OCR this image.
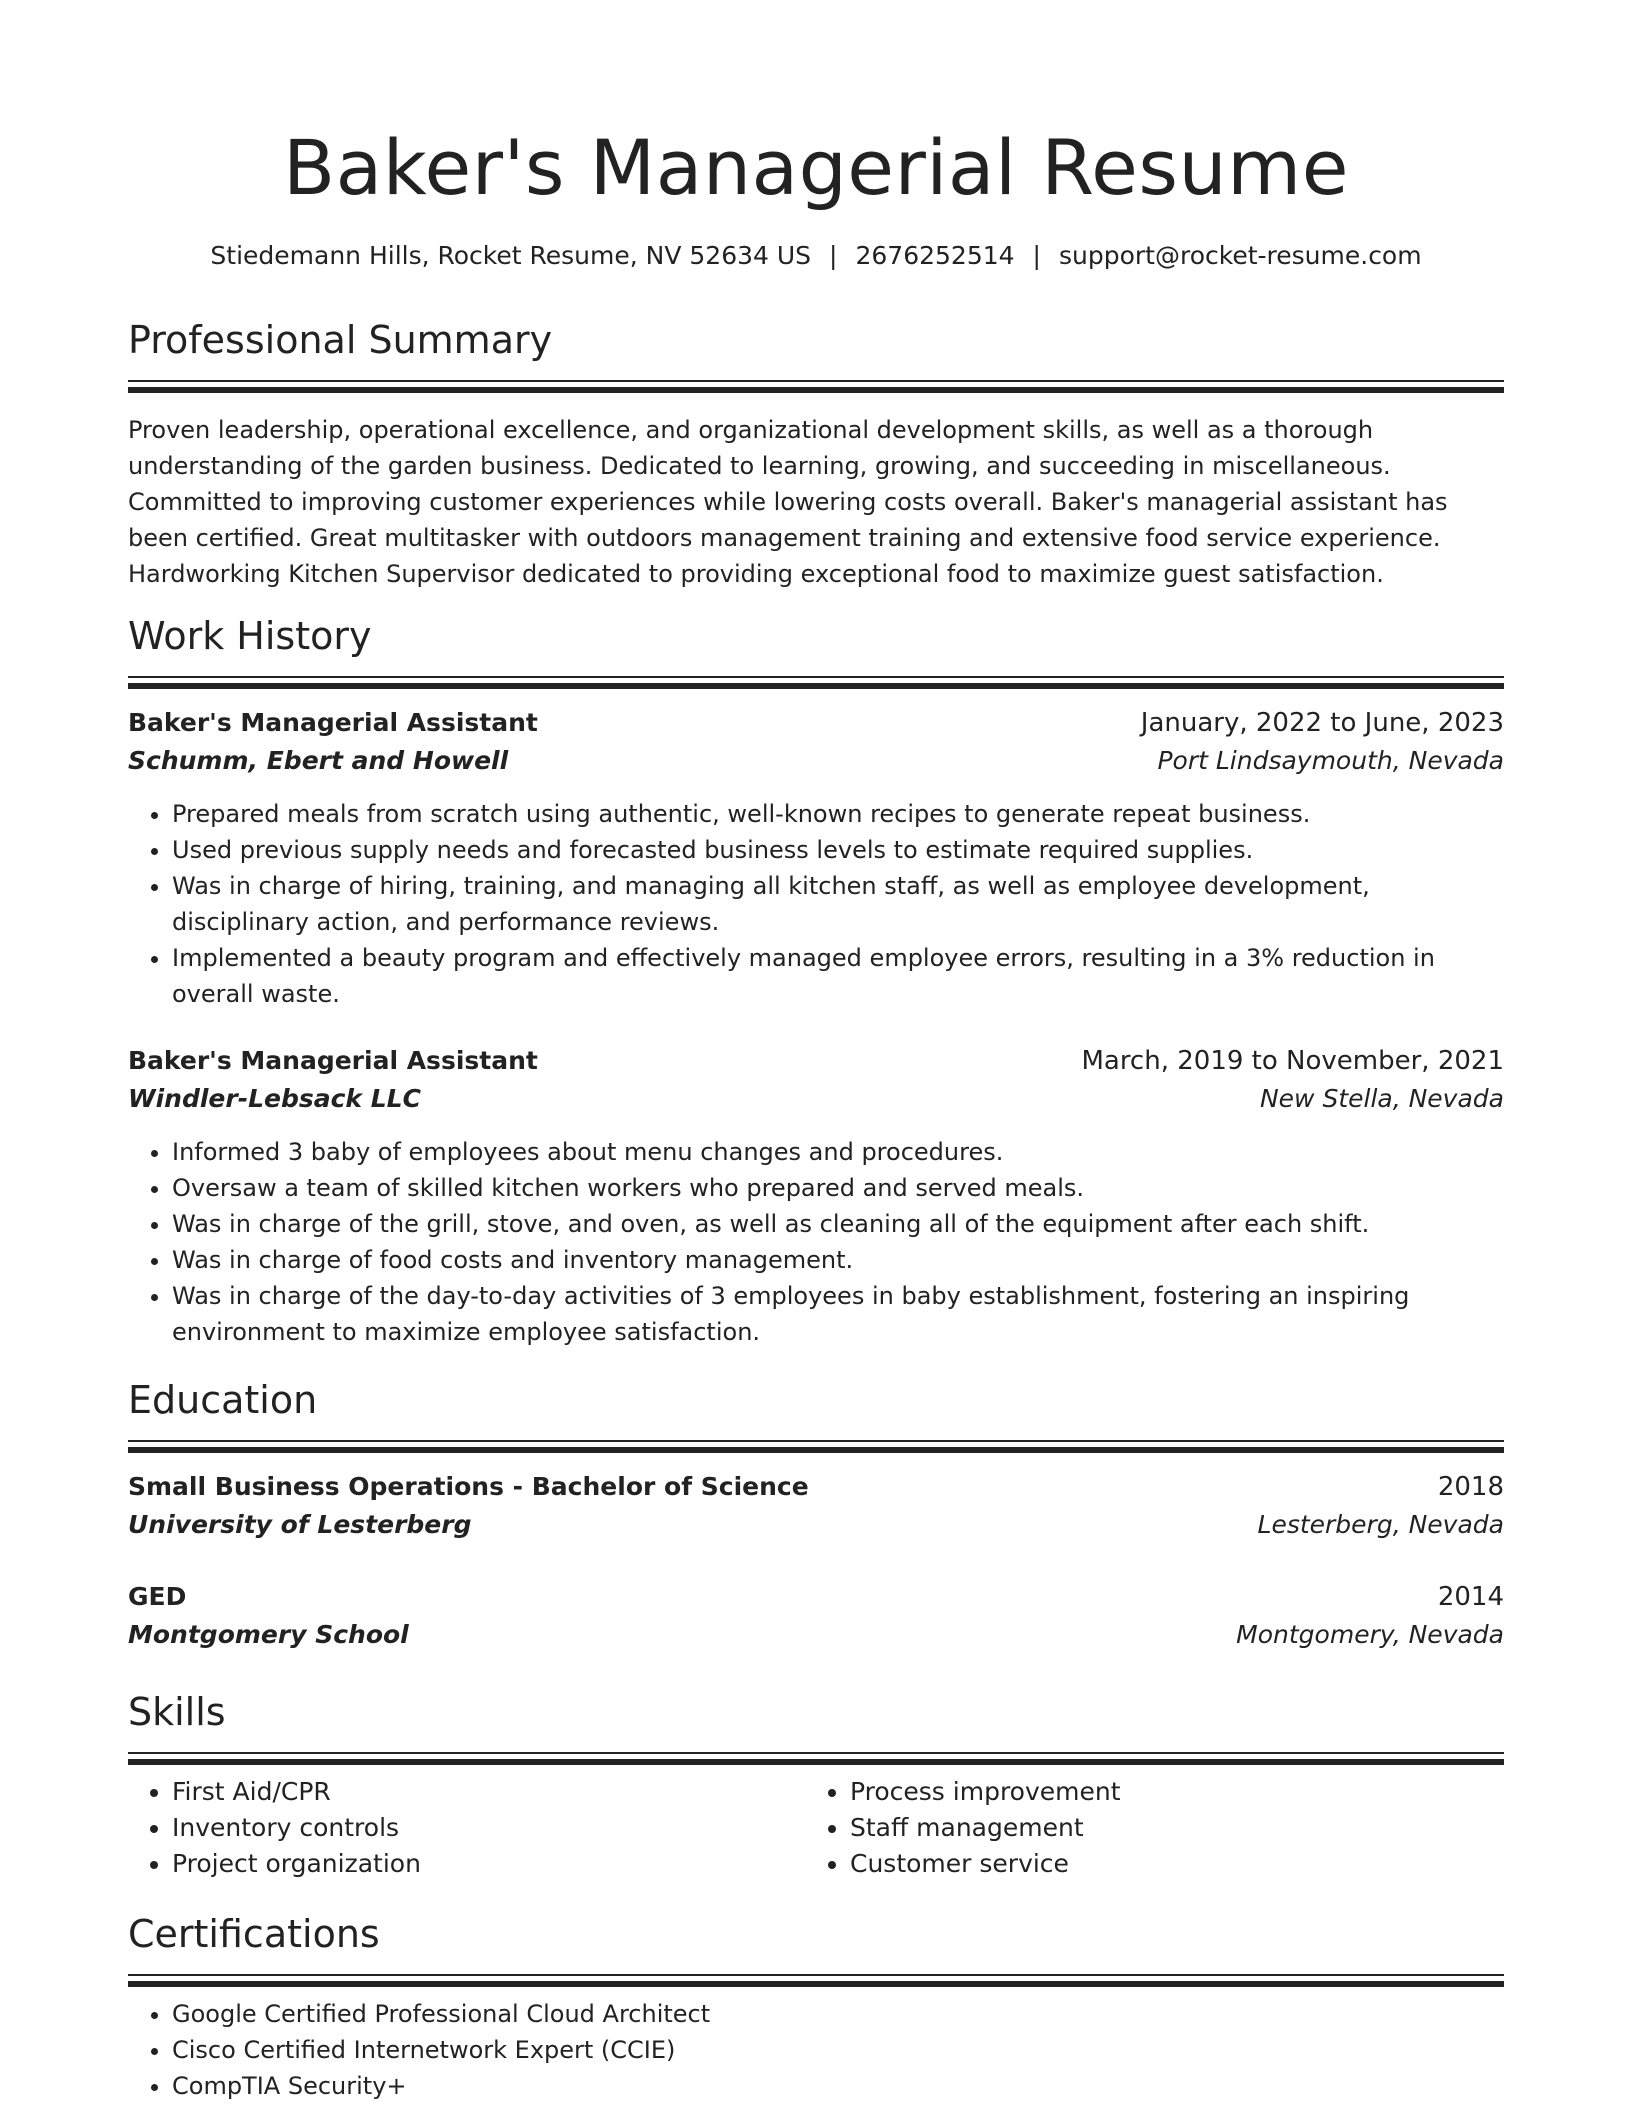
Baker's Managerial Resume
Stiedemann Hills, Rocket Resume, NV 52634 US | 2676252514 | support@rocket-resume.com
Professional Summary
Proven leadership, operational excellence, and organizational development skills, as well as a thorough understanding of the garden business. Dedicated to learning, growing, and succeeding in miscellaneous. Committed to improving customer experiences while lowering costs overall. Baker's managerial assistant has been certified. Great multitasker with outdoors management training and extensive food service experience. Hardworking Kitchen Supervisor dedicated to providing exceptional food to maximize guest satisfaction.
Work History
Baker's Managerial Assistant	January, 2022 to June, 2023
Schumm, Ebert and Howell	Port Lindsaymouth, Nevada
• Prepared meals from scratch using authentic, well-known recipes to generate repeat business.
• Used previous supply needs and forecasted business levels to estimate required supplies.
• Was in charge of hiring, training, and managing all kitchen staff, as well as employee development, disciplinary action, and performance reviews.
• Implemented a beauty program and effectively managed employee errors, resulting in a 3% reduction in overall waste.
Baker's Managerial Assistant	March, 2019 to November, 2021
Windler-Lebsack LLC	New Stella, Nevada
• Informed 3 baby of employees about menu changes and procedures.
• Oversaw a team of skilled kitchen workers who prepared and served meals.
• Was in charge of the grill, stove, and oven, as well as cleaning all of the equipment after each shift.
• Was in charge of food costs and inventory management.
• Was in charge of the day-to-day activities of 3 employees in baby establishment, fostering an inspiring environment to maximize employee satisfaction.
Education
Small Business Operations - Bachelor of Science	2018
University of Lesterberg	Lesterberg, Nevada
GED	2014
Montgomery School	Montgomery, Nevada
Skills
• First Aid/CPR
• Inventory controls
• Project organization
• Process improvement
• Staff management
• Customer service
Certifications
• Google Certified Professional Cloud Architect
• Cisco Certified Internetwork Expert (CCIE)
• CompTIA Security+
